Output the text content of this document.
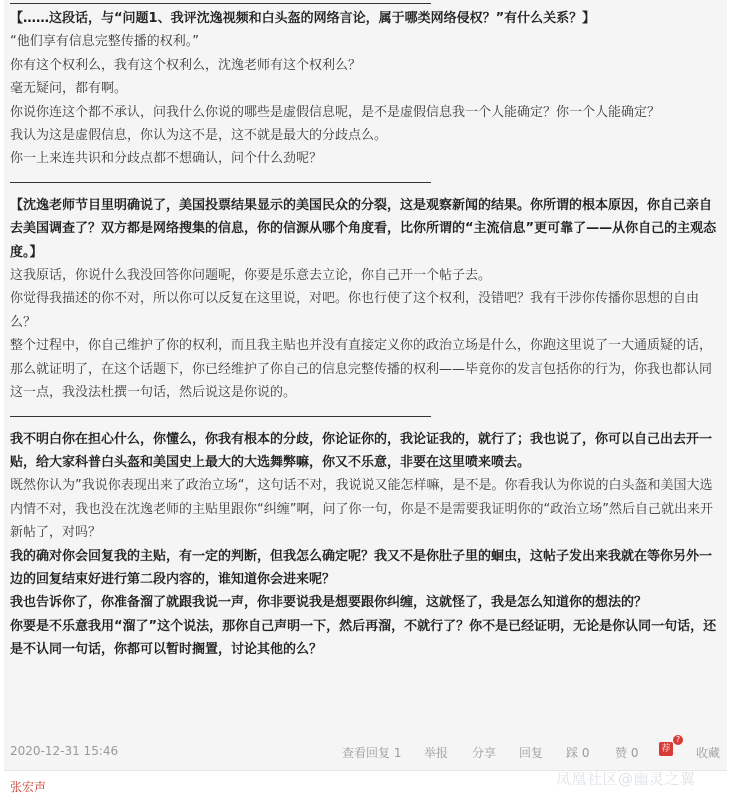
【……这段话，与“问题1、我评沈逸视频和白头盔的网络言论，属于哪类网络侵权？”有什么关系？】
“他们享有信息完整传播的权利。”
你有这个权利么，我有这个权利么，沈逸老师有这个权利么？
毫无疑问，都有啊。
你说你连这个都不承认，问我什么你说的哪些是虚假信息呢，是不是虚假信息我一个人能确定？你一个人能确定？
我认为这是虚假信息，你认为这不是，这不就是最大的分歧点么。
你一上来连共识和分歧点都不想确认，问个什么劲呢？
【沈逸老师节目里明确说了，美国投票结果显示的美国民众的分裂，这是观察新闻的结果。你所谓的根本原因，你自己亲自去美国调查了？双方都是网络搜集的信息，你的信源从哪个角度看，比你所谓的“主流信息”更可靠了——从你自己的主观态度。】
这我原话，你说什么我没回答你问题呢，你要是乐意去立论，你自己开一个帖子去。
你觉得我描述的你不对，所以你可以反复在这里说，对吧。你也行使了这个权利，没错吧？我有干涉你传播你思想的自由么？
整个过程中，你自己维护了你的权利，而且我主贴也并没有直接定义你的政治立场是什么，你跑这里说了一大通质疑的话，那么就证明了，在这个话题下，你已经维护了你自己的信息完整传播的权利——毕竟你的发言包括你的行为，你我也都认同这一点，我没法杜撰一句话，然后说这是你说的。
我不明白你在担心什么，你懂么，你我有根本的分歧，你论证你的，我论证我的，就行了；我也说了，你可以自己出去开一贴，给大家科普白头盔和美国史上最大的大选舞弊嘛，你又不乐意，非要在这里喷来喷去。
既然你认为”我说你表现出来了政治立场“，这句话不对，我说说又能怎样嘛，是不是。你看我认为你说的白头盔和美国大选内情不对，我也没在沈逸老师的主贴里跟你“纠缠”啊，问了你一句，你是不是需要我证明你的“政治立场”然后自己就出来开新帖了，对吗？
我的确对你会回复我的主贴，有一定的判断，但我怎么确定呢？我又不是你肚子里的蛔虫，这帖子发出来我就在等你另外一边的回复结束好进行第二段内容的，谁知道你会进来呢？
我也告诉你了，你准备溜了就跟我说一声，你非要说我是想要跟你纠缠，这就怪了，我是怎么知道你的想法的？
你要是不乐意我用“溜了”这个说法，那你自己声明一下，然后再溜，不就行了？你不是已经证明，无论是你认同一句话，还是不认同一句话，你都可以暂时搁置，讨论其他的么？
2020-12-31 15:46	查看回复 1 举报 分享 回复 踩 0 赞 0	荐
?
收藏
张宏声	凤凰社区@幽灵之翼
